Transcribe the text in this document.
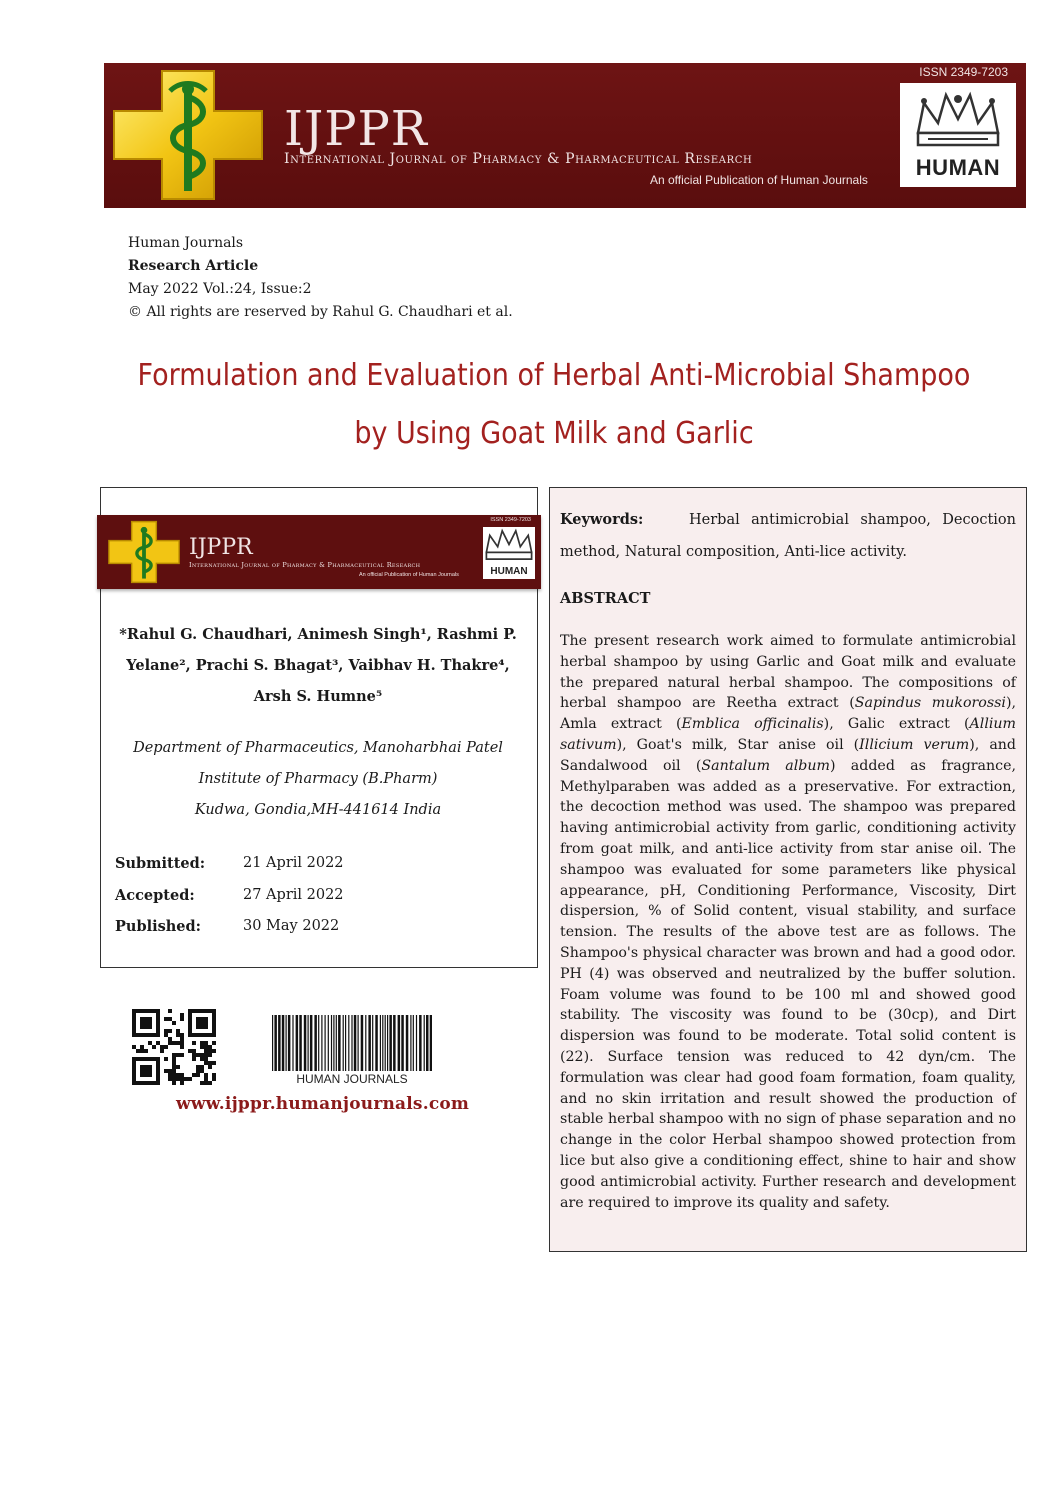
IJPPR
International Journal of Pharmacy & Pharmaceutical Research
An official Publication of Human Journals
ISSN 2349-7203
HUMAN
Human Journals
Research Article
May 2022 Vol.:24, Issue:2
© All rights are reserved by Rahul G. Chaudhari et al.
Formulation and Evaluation of Herbal Anti-Microbial Shampoo
by Using Goat Milk and Garlic
IJPPR
International Journal of Pharmacy & Pharmaceutical Research
An official Publication of Human Journals
ISSN 2349-7203
HUMAN
*Rahul G. Chaudhari, Animesh Singh¹, Rashmi P.
Yelane², Prachi S. Bhagat³, Vaibhav H. Thakre⁴,
Arsh S. Humne⁵
Department of Pharmaceutics, Manoharbhai Patel
Institute of Pharmacy (B.Pharm)
Kudwa, Gondia,MH-441614 India
Submitted:	21 April 2022
Accepted:	27 April 2022
Published:	30 May 2022
HUMAN JOURNALS
www.ijppr.humanjournals.com
Keywords:	Herbal antimicrobial shampoo, Decoction method, Natural composition, Anti-lice activity.
ABSTRACT
The present research work aimed to formulate antimicrobial herbal shampoo by using Garlic and Goat milk and evaluate the prepared natural herbal shampoo. The compositions of herbal shampoo are Reetha extract (Sapindus mukorossi), Amla extract (Emblica officinalis), Galic extract (Allium sativum), Goat's milk, Star anise oil (Illicium verum), and Sandalwood oil (Santalum album) added as fragrance, Methylparaben was added as a preservative. For extraction, the decoction method was used. The shampoo was prepared having antimicrobial activity from garlic, conditioning activity from goat milk, and anti-lice activity from star anise oil. The shampoo was evaluated for some parameters like physical appearance, pH, Conditioning Performance, Viscosity, Dirt dispersion, % of Solid content, visual stability, and surface tension. The results of the above test are as follows. The Shampoo's physical character was brown and had a good odor. PH (4) was observed and neutralized by the buffer solution. Foam volume was found to be 100 ml and showed good stability. The viscosity was found to be (30cp), and Dirt dispersion was found to be moderate. Total solid content is (22). Surface tension was reduced to 42 dyn/cm. The formulation was clear had good foam formation, foam quality, and no skin irritation and result showed the production of stable herbal shampoo with no sign of phase separation and no change in the color Herbal shampoo showed protection from lice but also give a conditioning effect, shine to hair and show good antimicrobial activity. Further research and development are required to improve its quality and safety.
